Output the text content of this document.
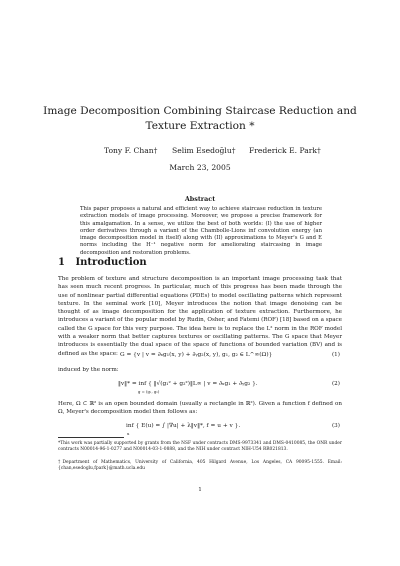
Image Decomposition Combining Staircase Reduction and
Texture Extraction *
Tony F. Chan† Selim Esedoḡlu† Frederick E. Park†
March 23, 2005
Abstract
This paper proposes a natural and efficient way to achieve staircase reduction in texture extraction models of image processing. Moreover, we propose a precise framework for this amalgamation. In a sense, we utilize the best of both worlds: (I) the use of higher order derivatives through a variant of the Chambolle-Lions inf convolution energy (an image decomposition model in itself) along with (II) approximations to Meyer's G and E norms including the H⁻¹ negative norm for ameliorating staircasing in image decomposition and restoration problems.
1 Introduction
The problem of texture and structure decomposition is an important image processing task that has seen much recent progress. In particular, much of this progress has been made through the use of nonlinear partial differential equations (PDEs) to model oscillating patterns which represent texture. In the seminal work [10], Meyer introduces the notion that image denoising can be thought of as image decomposition for the application of texture extraction. Furthermore, he introduces a variant of the popular model by Rudin, Osher, and Fatemi (ROF) [18] based on a space called the G space for this very purpose. The idea here is to replace the L² norm in the ROF model with a weaker norm that better captures textures or oscillating patterns. The G space that Meyer introduces is essentially the dual space of the space of functions of bounded variation (BV) and is defined as the space: G = {v | v = ∂ₓg₁(x, y) + ∂ᵧg₂(x, y), g₁, g₂ ∈ L^∞(Ω)}	(1)
induced by the norm:
‖v‖* = inf { ‖√(g₁² + g₂²)‖L∞ | v = ∂ₓg₁ + ∂ᵧg₂ }.
g = (g₁, g₂)
(2)
Here, Ω ⊂ ℝ² is an open bounded domain (usually a rectangle in ℝ²). Given a function f defined on Ω, Meyer's decomposition model then follows as:
inf { E(u) = ∫ |∇u| + λ‖v‖*, f = u + v }.
u
(3)
*This work was partially supported by grants from the NSF under contracts DMS-9973341 and DMS-0410085, the ONR under contracts N00014-96-1-0277 and N00014-03-1-0888, and the NIH under contract NIH-U54 RR021813.
†Department of Mathematics, University of California, 405 Hilgard Avenue, Los Angeles, CA 90095-1555. Email: {chan,esedoglu,fpark}@math.ucla.edu
1
